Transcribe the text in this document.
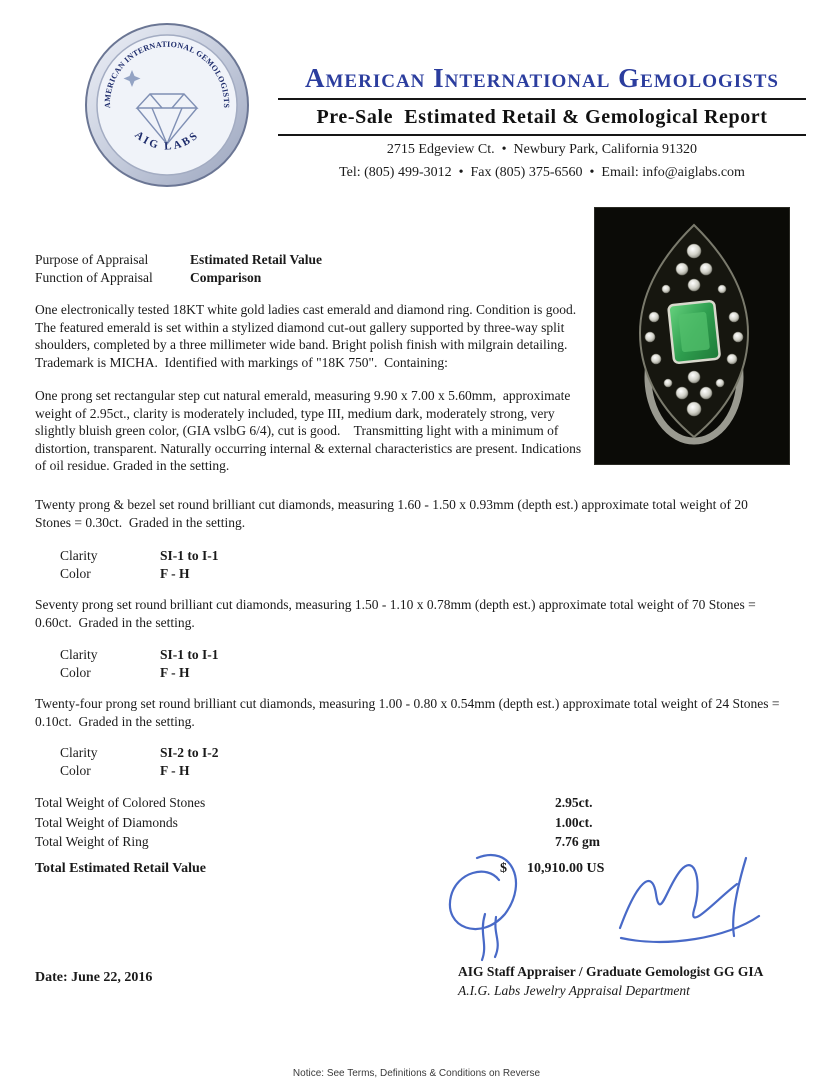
AMERICAN INTERNATIONAL GEMOLOGISTS
AIG LABS
American International Gemologists
Pre-Sale  Estimated Retail & Gemological Report
2715 Edgeview Ct.  •  Newbury Park, California 91320
Tel: (805) 499-3012  •  Fax (805) 375-6560  •  Email: info@aiglabs.com
Purpose of Appraisal	Estimated Retail Value
Function of Appraisal	Comparison
One electronically tested 18KT white gold ladies cast emerald and diamond ring. Condition is good.  The featured emerald is set within a stylized diamond cut-out gallery supported by three-way split shoulders, completed by a three millimeter wide band. Bright polish finish with milgrain detailing.  Trademark is MICHA.  Identified with markings of "18K 750".  Containing:
One prong set rectangular step cut natural emerald, measuring 9.90 x 7.00 x 5.60mm,  approximate weight of 2.95ct., clarity is moderately included, type III, medium dark, moderately strong, very slightly bluish green color, (GIA vslbG 6/4), cut is good.    Transmitting light with a minimum of distortion, transparent. Naturally occurring internal & external characteristics are present. Indications of oil residue. Graded in the setting.
Twenty prong & bezel set round brilliant cut diamonds, measuring 1.60 - 1.50 x 0.93mm (depth est.) approximate total weight of 20 Stones = 0.30ct.  Graded in the setting.
Clarity	SI-1 to I-1
Color	F - H
Seventy prong set round brilliant cut diamonds, measuring 1.50 - 1.10 x 0.78mm (depth est.) approximate total weight of 70 Stones = 0.60ct.  Graded in the setting.
Clarity	SI-1 to I-1
Color	F - H
Twenty-four prong set round brilliant cut diamonds, measuring 1.00 - 0.80 x 0.54mm (depth est.) approximate total weight of 24 Stones = 0.10ct.  Graded in the setting.
Clarity	SI-2 to I-2
Color	F - H
Total Weight of Colored Stones	2.95ct.
Total Weight of Diamonds	1.00ct.
Total Weight of Ring	7.76 gm
Total Estimated Retail Value	$ 10,910.00 US
Date: June 22, 2016	AIG Staff Appraiser / Graduate Gemologist GG GIA
A.I.G. Labs Jewelry Appraisal Department
Notice: See Terms, Definitions & Conditions on Reverse
